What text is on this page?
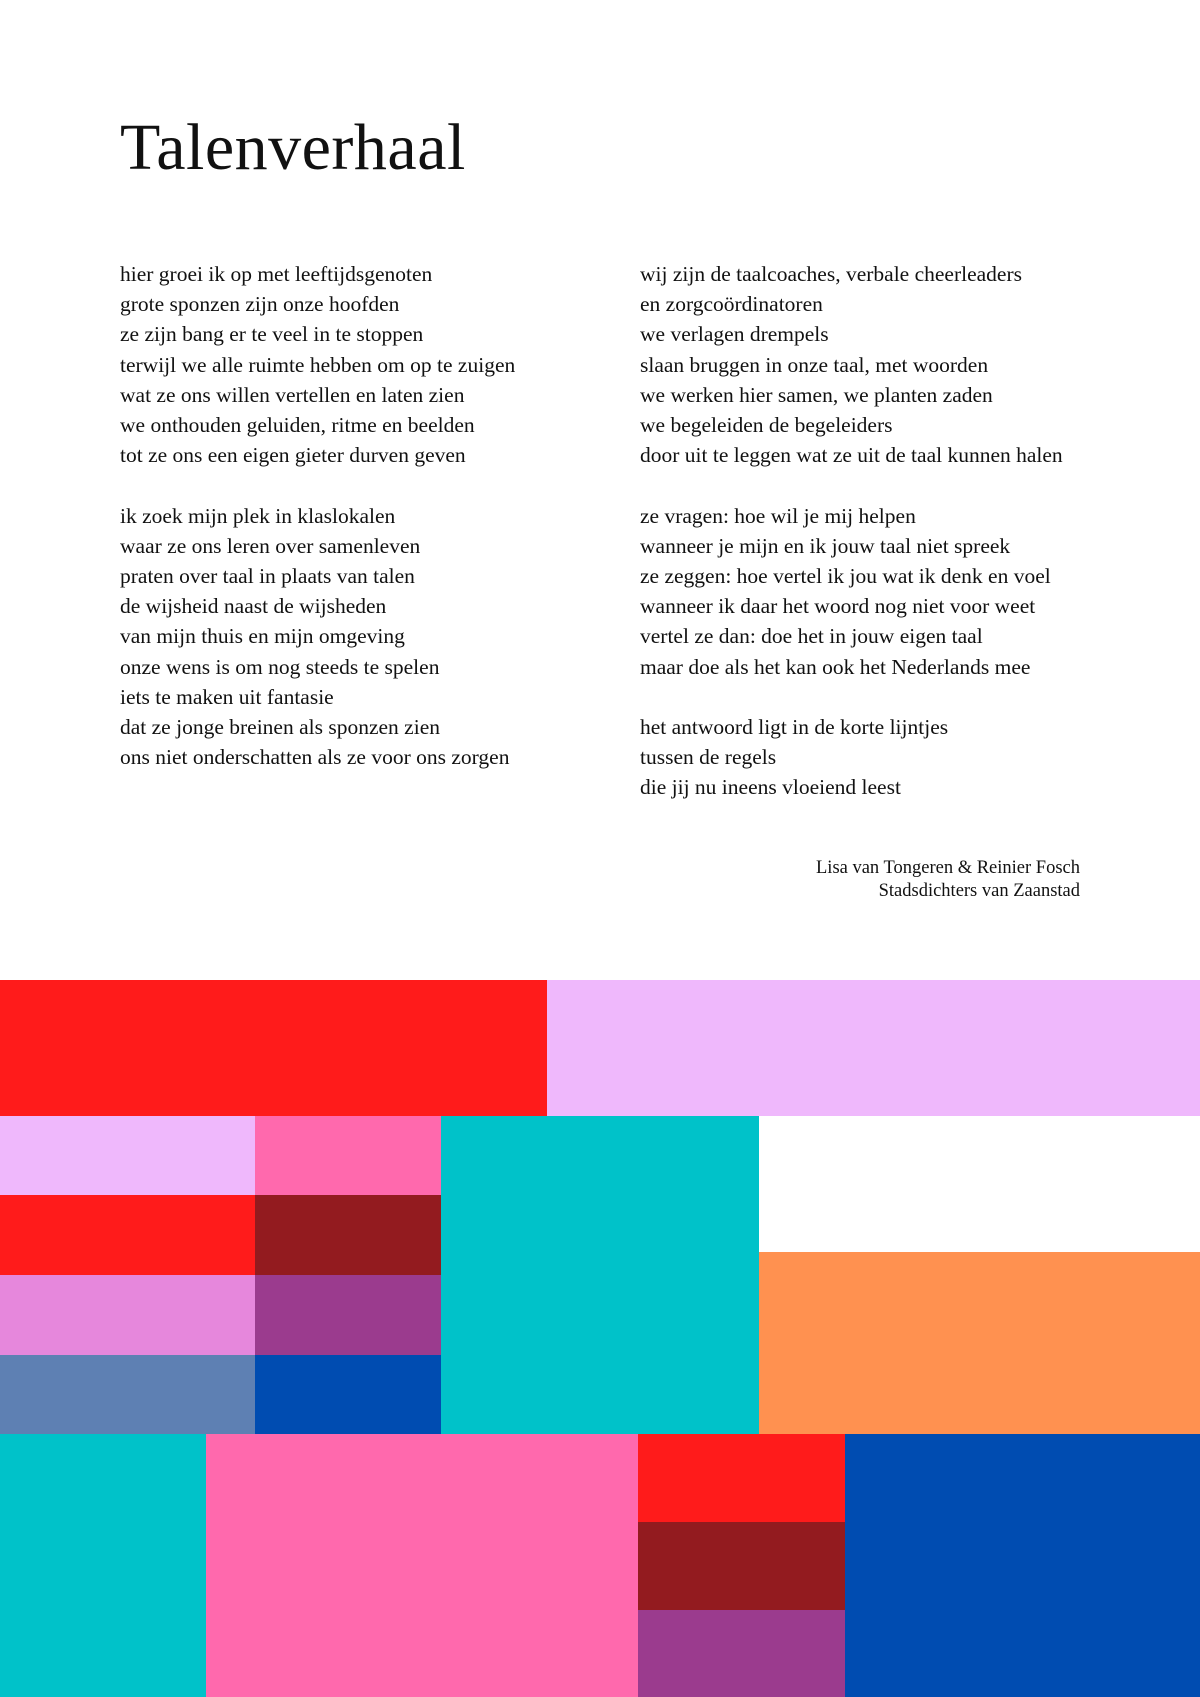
Talenverhaal
hier groei ik op met leeftijdsgenoten
grote sponzen zijn onze hoofden
ze zijn bang er te veel in te stoppen
terwijl we alle ruimte hebben om op te zuigen
wat ze ons willen vertellen en laten zien
we onthouden geluiden, ritme en beelden
tot ze ons een eigen gieter durven geven
ik zoek mijn plek in klaslokalen
waar ze ons leren over samenleven
praten over taal in plaats van talen
de wijsheid naast de wijsheden
van mijn thuis en mijn omgeving
onze wens is om nog steeds te spelen
iets te maken uit fantasie
dat ze jonge breinen als sponzen zien
ons niet onderschatten als ze voor ons zorgen
wij zijn de taalcoaches, verbale cheerleaders
en zorgcoördinatoren
we verlagen drempels
slaan bruggen in onze taal, met woorden
we werken hier samen, we planten zaden
we begeleiden de begeleiders
door uit te leggen wat ze uit de taal kunnen halen
ze vragen: hoe wil je mij helpen
wanneer je mijn en ik jouw taal niet spreek
ze zeggen: hoe vertel ik jou wat ik denk en voel
wanneer ik daar het woord nog niet voor weet
vertel ze dan: doe het in jouw eigen taal
maar doe als het kan ook het Nederlands mee
het antwoord ligt in de korte lijntjes
tussen de regels
die jij nu ineens vloeiend leest
Lisa van Tongeren & Reinier Fosch
Stadsdichters van Zaanstad
